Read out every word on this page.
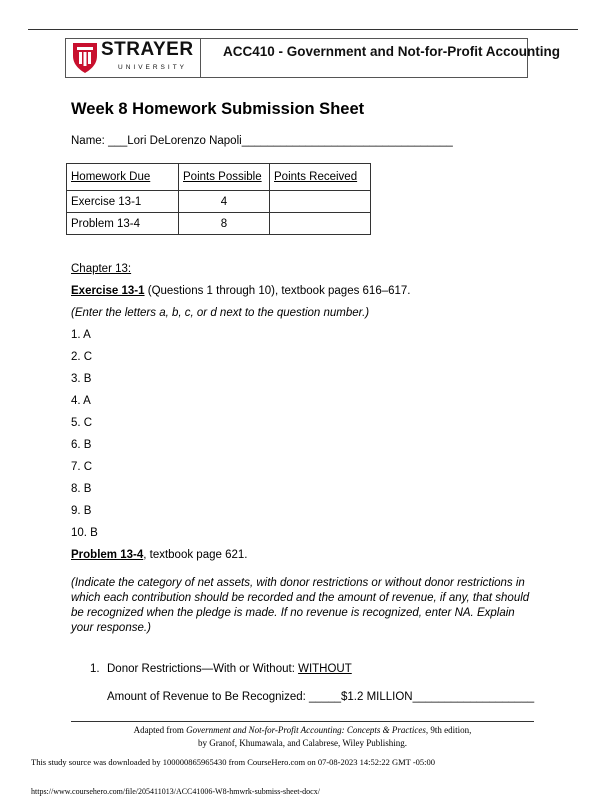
STRAYER
UNIVERSITY
ACC410 - Government and Not-for-Profit Accounting
Week 8 Homework Submission Sheet
Name: ___Lori DeLorenzo Napoli_________________________________
Homework Due	Points Possible	Points Received
Exercise 13-1	4	
Problem 13-4	8	
Chapter 13:
Exercise 13-1 (Questions 1 through 10), textbook pages 616–617.
(Enter the letters a, b, c, or d next to the question number.)
1. A
2. C
3. B
4. A
5. C
6. B
7. C
8. B
9. B
10. B
Problem 13-4, textbook page 621.
(Indicate the category of net assets, with donor restrictions or without donor restrictions in which each contribution should be recorded and the amount of revenue, if any, that should be recognized when the pledge is made. If no revenue is recognized, enter NA. Explain your response.)
1. Donor Restrictions—With or Without: WITHOUT
Amount of Revenue to Be Recognized: _____$1.2 MILLION___________________
Adapted from Government and Not-for-Profit Accounting: Concepts & Practices, 9th edition,
by Granof, Khumawala, and Calabrese, Wiley Publishing.
This study source was downloaded by 100000865965430 from CourseHero.com on 07-08-2023 14:52:22 GMT -05:00
https://www.coursehero.com/file/205411013/ACC41006-W8-hmwrk-submiss-sheet-docx/
